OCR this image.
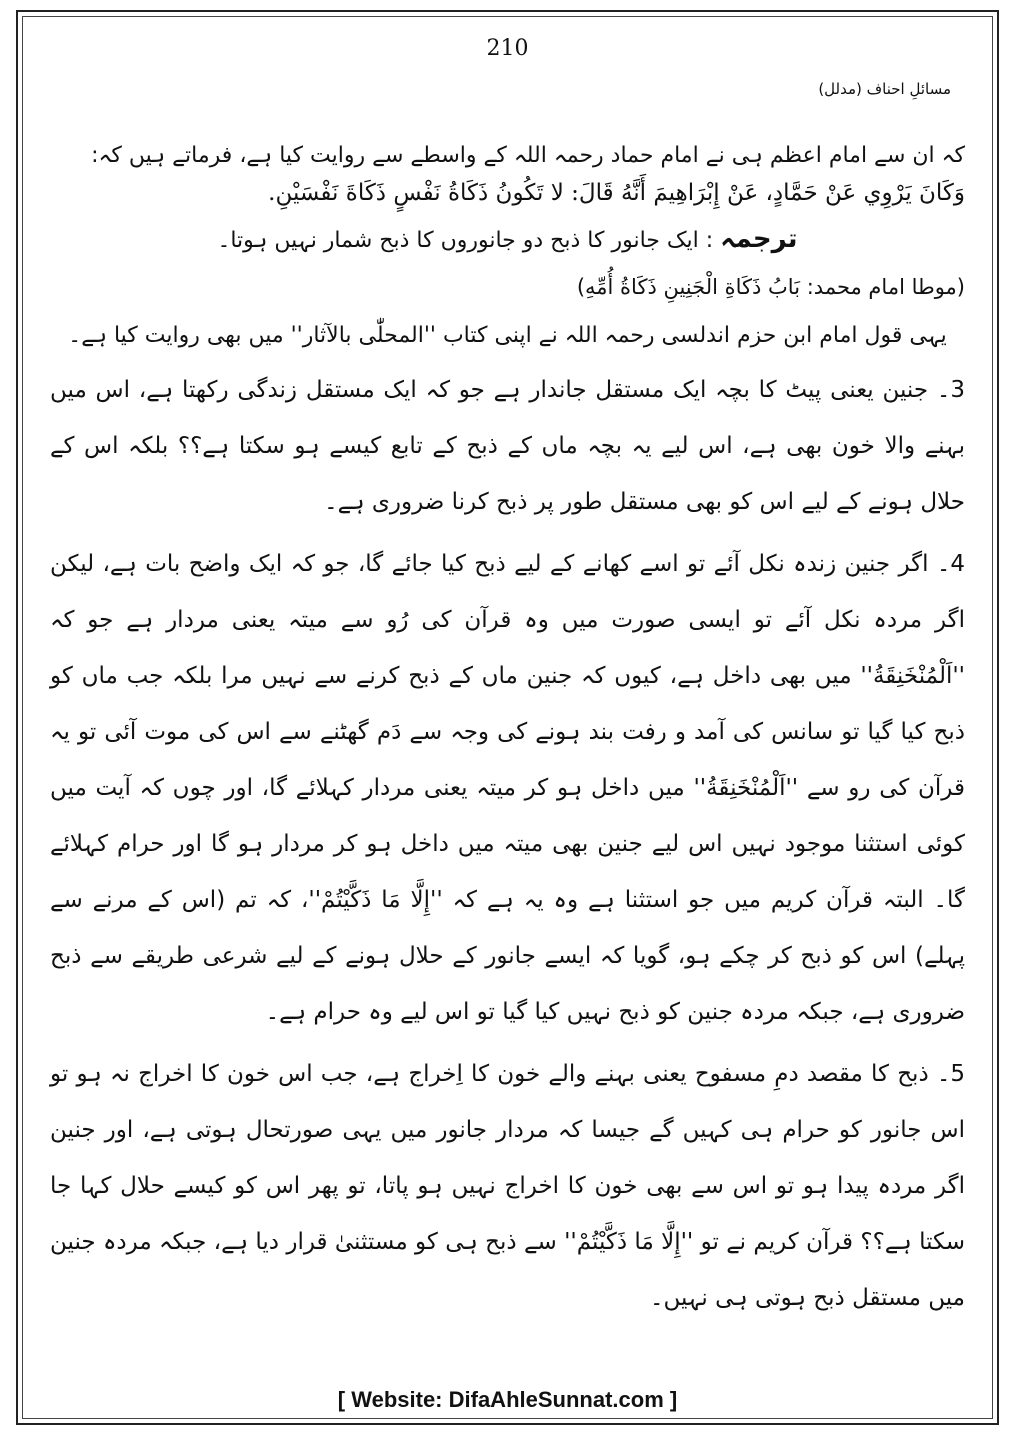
210
مسائلِ احناف (مدلل)

کہ ان سے امام اعظم ہی نے امام حماد رحمہ اللہ کے واسطے سے روایت کیا ہے، فرماتے ہیں کہ:

وَكَانَ يَرْوِي عَنْ حَمَّادٍ، عَنْ إِبْرَاهِيمَ أَنَّهُ قَالَ: لا تَكُونُ ذَكَاةُ نَفْسٍ ذَكَاةَ نَفْسَيْنِ.

ترجمہ : ایک جانور کا ذبح دو جانوروں کا ذبح شمار نہیں ہوتا۔

(موطا امام محمد: بَابُ ذَكَاةِ الْجَنِينِ ذَكَاةُ أُمِّهِ)

یہی قول امام ابن حزم اندلسی رحمہ اللہ نے اپنی کتاب ''المحلّٰی بالآثار'' میں بھی روایت کیا ہے۔

3۔ جنین یعنی پیٹ کا بچہ ایک مستقل جاندار ہے جو کہ ایک مستقل زندگی رکھتا ہے، اس میں بہنے والا خون بھی ہے، اس لیے یہ بچہ ماں کے ذبح کے تابع کیسے ہو سکتا ہے؟؟ بلکہ اس کے حلال ہونے کے لیے اس کو بھی مستقل طور پر ذبح کرنا ضروری ہے۔

4۔ اگر جنین زندہ نکل آئے تو اسے کھانے کے لیے ذبح کیا جائے گا، جو کہ ایک واضح بات ہے، لیکن اگر مردہ نکل آئے تو ایسی صورت میں وہ قرآن کی رُو سے میتہ یعنی مردار ہے جو کہ ''اَلْمُنْخَنِقَةُ'' میں بھی داخل ہے، کیوں کہ جنین ماں کے ذبح کرنے سے نہیں مرا بلکہ جب ماں کو ذبح کیا گیا تو سانس کی آمد و رفت بند ہونے کی وجہ سے دَم گھٹنے سے اس کی موت آئی تو یہ قرآن کی رو سے ''اَلْمُنْخَنِقَةُ'' میں داخل ہو کر میتہ یعنی مردار کہلائے گا، اور چوں کہ آیت میں کوئی استثنا موجود نہیں اس لیے جنین بھی میتہ میں داخل ہو کر مردار ہو گا اور حرام کہلائے گا۔ البتہ قرآن کریم میں جو استثنا ہے وہ یہ ہے کہ ''إِلَّا مَا ذَكَّيْتُمْ''، کہ تم (اس کے مرنے سے پہلے) اس کو ذبح کر چکے ہو، گویا کہ ایسے جانور کے حلال ہونے کے لیے شرعی طریقے سے ذبح ضروری ہے، جبکہ مردہ جنین کو ذبح نہیں کیا گیا تو اس لیے وہ حرام ہے۔

5۔ ذبح کا مقصد دمِ مسفوح یعنی بہنے والے خون کا اِخراج ہے، جب اس خون کا اخراج نہ ہو تو اس جانور کو حرام ہی کہیں گے جیسا کہ مردار جانور میں یہی صورتحال ہوتی ہے، اور جنین اگر مردہ پیدا ہو تو اس سے بھی خون کا اخراج نہیں ہو پاتا، تو پھر اس کو کیسے حلال کہا جا سکتا ہے؟؟ قرآن کریم نے تو ''إِلَّا مَا ذَكَّيْتُمْ'' سے ذبح ہی کو مستثنیٰ قرار دیا ہے، جبکہ مردہ جنین میں مستقل ذبح ہوتی ہی نہیں۔

[ Website: DifaAhleSunnat.com ]
